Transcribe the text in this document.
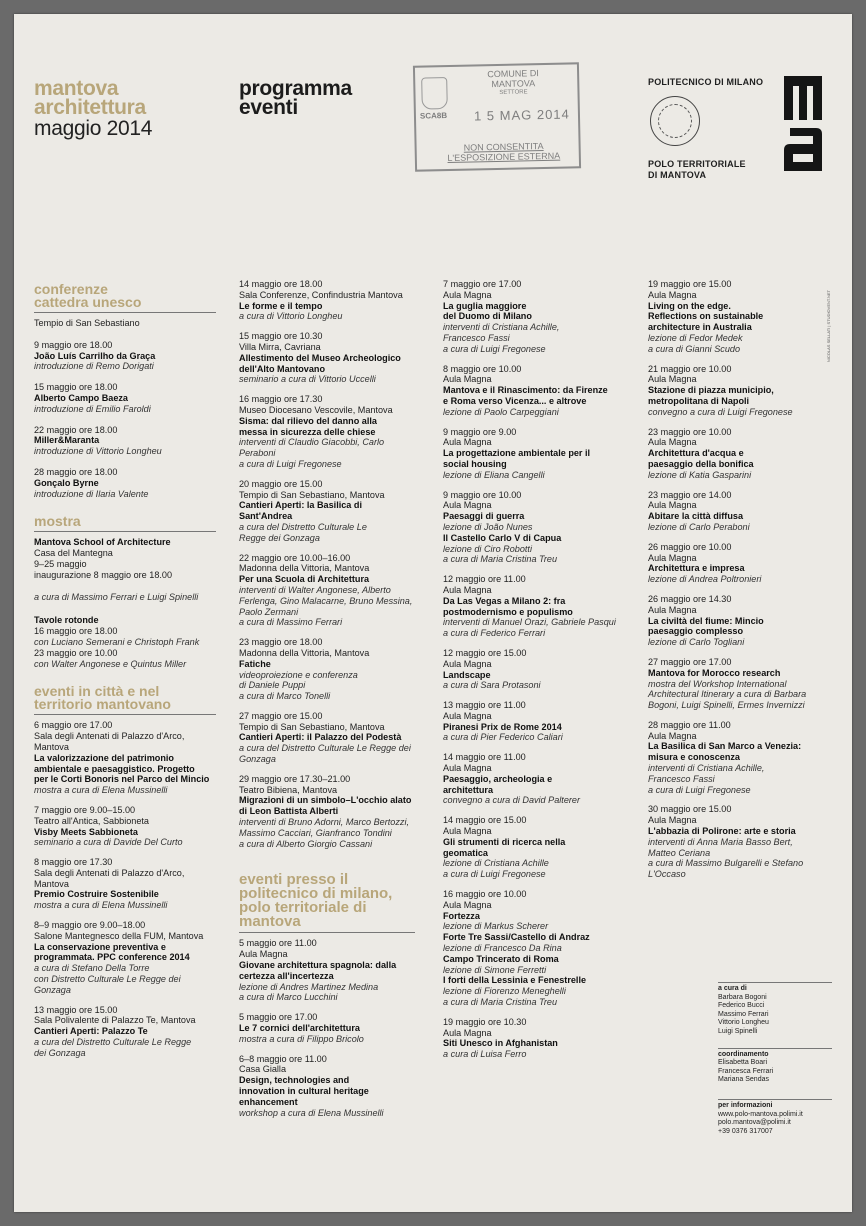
mantova
architettura
maggio 2014
programma
eventi	SCA8B
COMUNE DI
MANTOVA
SETTORE
1 5 MAG 2014
NON CONSENTITA
L'ESPOSIZIONE ESTERNA
POLITECNICO DI MILANO
POLO TERRITORIALE
DI MANTOVA
NICOLAS SELLATI | STUDIOVENT.NET
conferenze
cattedra unesco
Tempio di San Sebastiano
9 maggio ore 18.00
João Luís Carrilho da Graça
introduzione di Remo Dorigati
15 maggio ore 18.00
Alberto Campo Baeza
introduzione di Emilio Faroldi
22 maggio ore 18.00
Miller&Maranta
introduzione di Vittorio Longheu
28 maggio ore 18.00
Gonçalo Byrne
introduzione di Ilaria Valente
mostra
Mantova School of Architecture
Casa del Mantegna
9–25 maggio
inaugurazione 8 maggio ore 18.00
a cura di Massimo Ferrari e Luigi Spinelli
Tavole rotonde
16 maggio ore 18.00
con Luciano Semerani e Christoph Frank
23 maggio ore 10.00
con Walter Angonese e Quintus Miller
eventi in città e nel
territorio mantovano
6 maggio ore 17.00
Sala degli Antenati di Palazzo d'Arco, Mantova
La valorizzazione del patrimonio
ambientale e paesaggistico. Progetto
per le Corti Bonoris nel Parco del Mincio
mostra a cura di Elena Mussinelli
7 maggio ore 9.00–15.00
Teatro all'Antica, Sabbioneta
Visby Meets Sabbioneta
seminario a cura di Davide Del Curto
8 maggio ore 17.30
Sala degli Antenati di Palazzo d'Arco, Mantova
Premio Costruire Sostenibile
mostra a cura di Elena Mussinelli
8–9 maggio ore 9.00–18.00
Salone Mantegnesco della FUM, Mantova
La conservazione preventiva e
programmata. PPC conference 2014
a cura di Stefano Della Torre
con Distretto Culturale Le Regge dei Gonzaga
13 maggio ore 15.00
Sala Polivalente di Palazzo Te, Mantova
Cantieri Aperti: Palazzo Te
a cura del Distretto Culturale Le Regge
dei Gonzaga
14 maggio ore 18.00
Sala Conferenze, Confindustria Mantova
Le forme e il tempo
a cura di Vittorio Longheu
15 maggio ore 10.30
Villa Mirra, Cavriana
Allestimento del Museo Archeologico
dell'Alto Mantovano
seminario a cura di Vittorio Uccelli
16 maggio ore 17.30
Museo Diocesano Vescovile, Mantova
Sisma: dal rilievo del danno alla
messa in sicurezza delle chiese
interventi di Claudio Giacobbi, Carlo Peraboni
a cura di Luigi Fregonese
20 maggio ore 15.00
Tempio di San Sebastiano, Mantova
Cantieri Aperti: la Basilica di
Sant'Andrea
a cura del Distretto Culturale Le
Regge dei Gonzaga
22 maggio ore 10.00–16.00
Madonna della Vittoria, Mantova
Per una Scuola di Architettura
interventi di Walter Angonese, Alberto
Ferlenga, Gino Malacarne, Bruno Messina,
Paolo Zermani
a cura di Massimo Ferrari
23 maggio ore 18.00
Madonna della Vittoria, Mantova
Fatiche
videoproiezione e conferenza
di Daniele Puppi
a cura di Marco Tonelli
27 maggio ore 15.00
Tempio di San Sebastiano, Mantova
Cantieri Aperti: il Palazzo del Podestà
a cura del Distretto Culturale Le Regge dei
Gonzaga
29 maggio ore 17.30–21.00
Teatro Bibiena, Mantova
Migrazioni di un simbolo–L'occhio alato
di Leon Battista Alberti
interventi di Bruno Adorni, Marco Bertozzi,
Massimo Cacciari, Gianfranco Tondini
a cura di Alberto Giorgio Cassani
eventi presso il
politecnico di milano,
polo territoriale di
mantova
5 maggio ore 11.00
Aula Magna
Giovane architettura spagnola: dalla
certezza all'incertezza
lezione di Andres Martinez Medina
a cura di Marco Lucchini
5 maggio ore 17.00
Le 7 cornici dell'architettura
mostra a cura di Filippo Bricolo
6–8 maggio ore 11.00
Casa Gialla
Design, technologies and
innovation in cultural heritage
enhancement
workshop a cura di Elena Mussinelli
7 maggio ore 17.00
Aula Magna
La guglia maggiore
del Duomo di Milano
interventi di Cristiana Achille,
Francesco Fassi
a cura di Luigi Fregonese
8 maggio ore 10.00
Aula Magna
Mantova e il Rinascimento: da Firenze
e Roma verso Vicenza... e altrove
lezione di Paolo Carpeggiani
9 maggio ore 9.00
Aula Magna
La progettazione ambientale per il
social housing
lezione di Eliana Cangelli
9 maggio ore 10.00
Aula Magna
Paesaggi di guerra
lezione di João Nunes
Il Castello Carlo V di Capua
lezione di Ciro Robotti
a cura di Maria Cristina Treu
12 maggio ore 11.00
Aula Magna
Da Las Vegas a Milano 2: fra
postmodernismo e populismo
interventi di Manuel Orazi, Gabriele Pasqui
a cura di Federico Ferrari
12 maggio ore 15.00
Aula Magna
Landscape
a cura di Sara Protasoni
13 maggio ore 11.00
Aula Magna
Piranesi Prix de Rome 2014
a cura di Pier Federico Caliari
14 maggio ore 11.00
Aula Magna
Paesaggio, archeologia e
architettura
convegno a cura di David Palterer
14 maggio ore 15.00
Aula Magna
Gli strumenti di ricerca nella
geomatica
lezione di Cristiana Achille
a cura di Luigi Fregonese
16 maggio ore 10.00
Aula Magna
Fortezza
lezione di Markus Scherer
Forte Tre Sassi/Castello di Andraz
lezione di Francesco Da Rina
Campo Trincerato di Roma
lezione di Simone Ferretti
I forti della Lessinia e Fenestrelle
lezione di Fiorenzo Meneghelli
a cura di Maria Cristina Treu
19 maggio ore 10.30
Aula Magna
Siti Unesco in Afghanistan
a cura di Luisa Ferro
19 maggio ore 15.00
Aula Magna
Living on the edge.
Reflections on sustainable
architecture in Australia
lezione di Fedor Medek
a cura di Gianni Scudo
21 maggio ore 10.00
Aula Magna
Stazione di piazza municipio,
metropolitana di Napoli
convegno a cura di Luigi Fregonese
23 maggio ore 10.00
Aula Magna
Architettura d'acqua e
paesaggio della bonifica
lezione di Katia Gasparini
23 maggio ore 14.00
Aula Magna
Abitare la città diffusa
lezione di Carlo Peraboni
26 maggio ore 10.00
Aula Magna
Architettura e impresa
lezione di Andrea Poltronieri
26 maggio ore 14.30
Aula Magna
La civiltà del fiume: Mincio
paesaggio complesso
lezione di Carlo Togliani
27 maggio ore 17.00
Mantova for Morocco research
mostra del Workshop International
Architectural Itinerary a cura di Barbara
Bogoni, Luigi Spinelli, Ermes Invernizzi
28 maggio ore 11.00
Aula Magna
La Basilica di San Marco a Venezia:
misura e conoscenza
interventi di Cristiana Achille,
Francesco Fassi
a cura di Luigi Fregonese
30 maggio ore 15.00
Aula Magna
L'abbazia di Polirone: arte e storia
interventi di Anna Maria Basso Bert,
Matteo Ceriana
a cura di Massimo Bulgarelli e Stefano
L'Occaso
a cura di
Barbara Bogoni
Federico Bucci
Massimo Ferrari
Vittorio Longheu
Luigi Spinelli
coordinamento
Elisabetta Boari
Francesca Ferrari
Mariana Sendas
per informazioni
www.polo-mantova.polimi.it
polo.mantova@polimi.it
+39 0376 317007
